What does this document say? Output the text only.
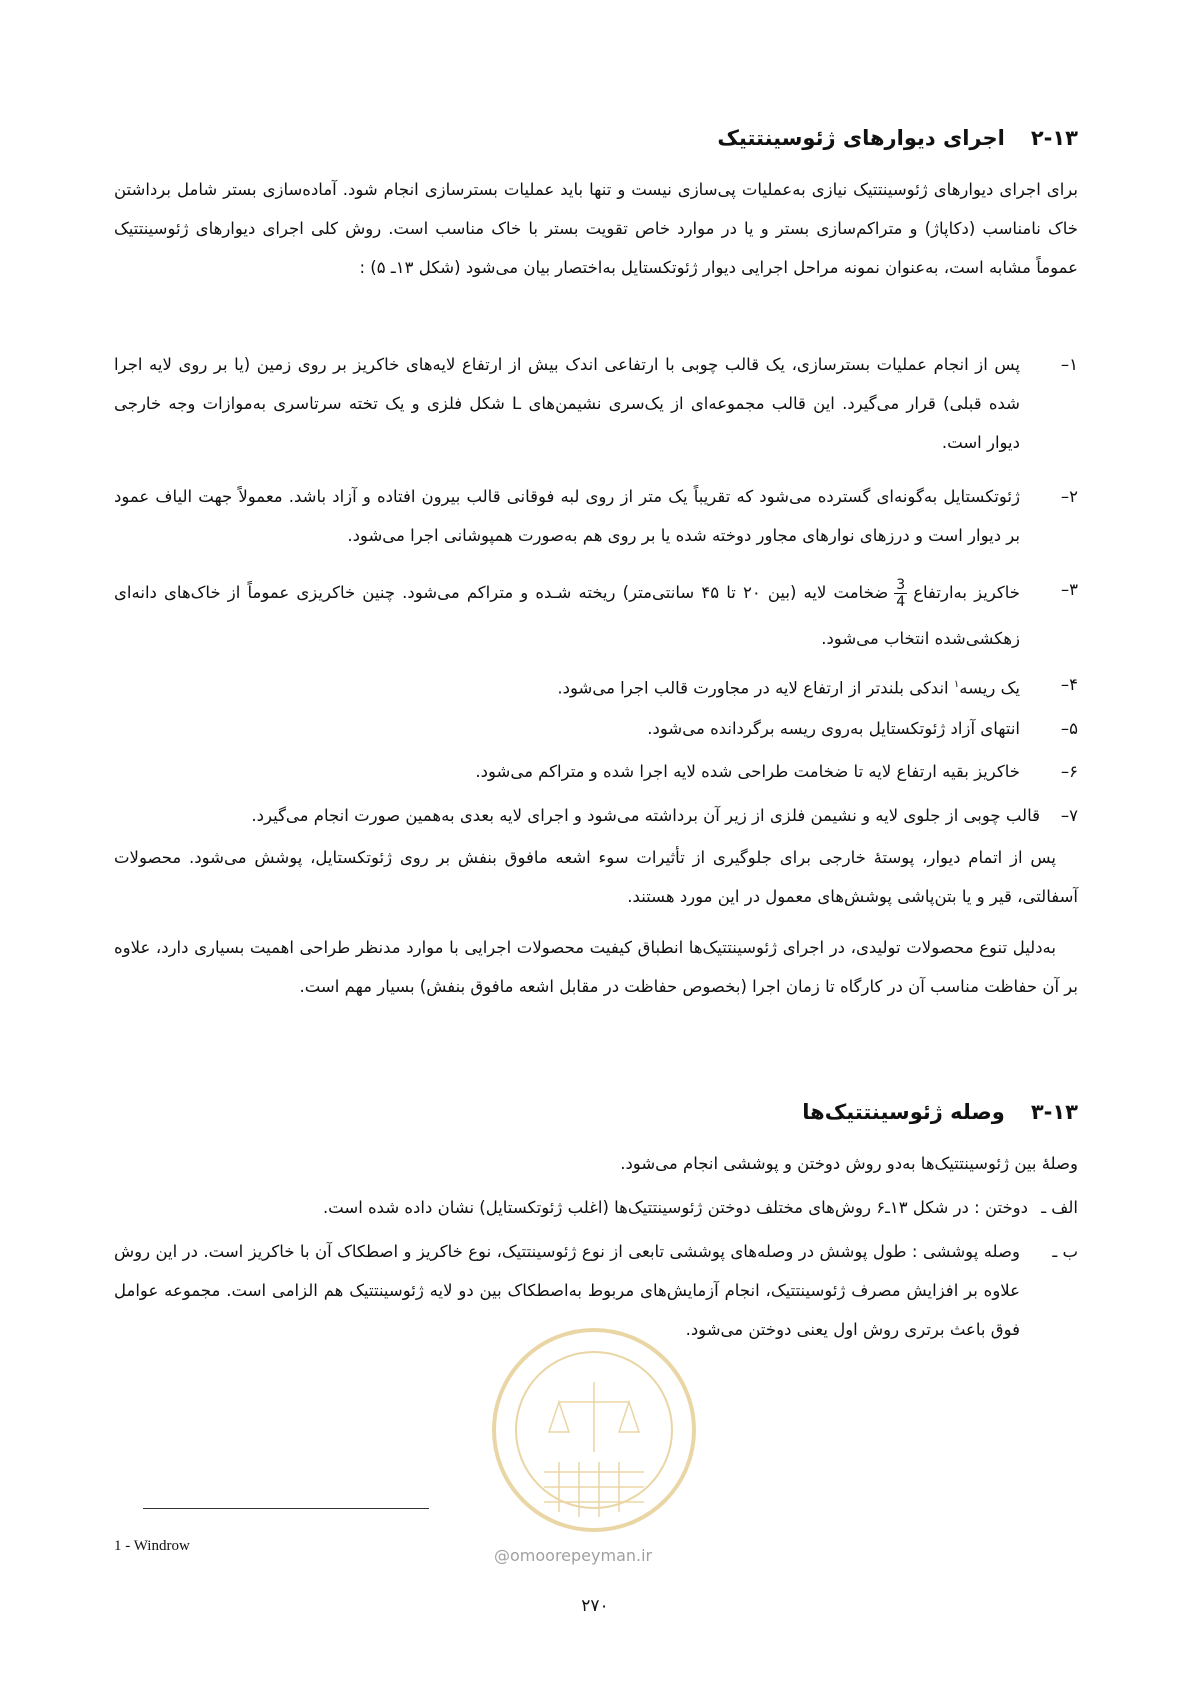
۲-۱۳اجرای دیوارهای ژئوسینتتیک
برای اجرای دیوارهای ژئوسینتتیک نیازی به‌عملیات پی‌سازی نیست و تنها باید عملیات بسترسازی انجام شود. آماده‌سازی بستر شامل برداشتن خاک نامناسب (دکاپاژ) و متراکم‌سازی بستر و یا در موارد خاص تقویت بستر با خاک مناسب است. روش کلی اجرای دیوارهای ژئوسینتتیک عموماً مشابه است، به‌عنوان نمونه مراحل اجرایی دیوار ژئوتکستایل به‌اختصار بیان می‌شود (شکل ۱۳ـ ۵) :
۱–
پس از انجام عملیات بسترسازی، یک قالب چوبی با ارتفاعی اندک بیش از ارتفاع لایه‌های خاکریز بر روی زمین (یا بر روی لایه اجرا شده قبلی) قرار می‌گیرد. این قالب مجموعه‌ای از یک‌سری نشیمن‌های L شکل فلزی و یک تخته سرتاسری به‌موازات وجه خارجی دیوار است.
۲–
ژئوتکستایل به‌گونه‌ای گسترده می‌شود که تقریباً یک متر از روی لبه فوقانی قالب بیرون افتاده و آزاد باشد. معمولاً جهت الیاف عمود بر دیوار است و درزهای نوارهای مجاور دوخته شده یا بر روی هم به‌صورت همپوشانی اجرا می‌شود.
۳–
خاکریز به‌ارتفاع
$\frac{3}{4}$
ضخامت لایه (بین ۲۰ تا ۴۵ سانتی‌متر) ریخته شـده و متراکم می‌شود. چنین خاکریزی عموماً از خاک‌های دانه‌ای زهکشی‌شده انتخاب می‌شود.
۴–
یک ریسه$^۱$ اندکی بلندتر از ارتفاع لایه در مجاورت قالب اجرا می‌شود.
۵–
انتهای آزاد ژئوتکستایل به‌روی ریسه برگردانده می‌شود.
۶–
خاکریز بقیه ارتفاع لایه تا ضخامت طراحی شده لایه اجرا شده و متراکم می‌شود.
۷–
قالب چوبی از جلوی لایه و نشیمن فلزی از زیر آن برداشته می‌شود و اجرای لایه بعدی به‌همین صورت انجام می‌گیرد.
پس از اتمام دیوار، پوستهٔ خارجی برای جلوگیری از تأثیرات سوء اشعه مافوق بنفش بر روی ژئوتکستایل، پوشش می‌شود. محصولات آسفالتی، قیر و یا بتن‌پاشی پوشش‌های معمول در این مورد هستند.
به‌دلیل تنوع محصولات تولیدی، در اجرای ژئوسینتتیک‌ها انطباق کیفیت محصولات اجرایی با موارد مدنظر طراحی اهمیت بسیاری دارد، علاوه بر آن حفاظت مناسب آن در کارگاه تا زمان اجرا (بخصوص حفاظت در مقابل اشعه مافوق بنفش) بسیار مهم است.
۳-۱۳وصله ژئوسینتتیک‌ها
وصلهٔ بین ژئوسینتتیک‌ها به‌دو روش دوختن و پوششی انجام می‌شود.
الف ـ
دوختن : در شکل ۱۳ـ۶ روش‌های مختلف دوختن ژئوسینتتیک‌ها (اغلب ژئوتکستایل) نشان داده شده است.
ب ـ
وصله پوششی : طول پوشش در وصله‌های پوششی تابعی از نوع ژئوسینتتیک، نوع خاکریز و اصطکاک آن با خاکریز است. در این روش علاوه بر افزایش مصرف ژئوسینتتیک، انجام آزمایش‌های مربوط به‌اصطکاک بین دو لایه ژئوسینتتیک هم الزامی است. مجموعه عوامل فوق باعث برتری روش اول یعنی دوختن می‌شود.
@omoorepeyman.ir
1 - Windrow
۲۷۰
